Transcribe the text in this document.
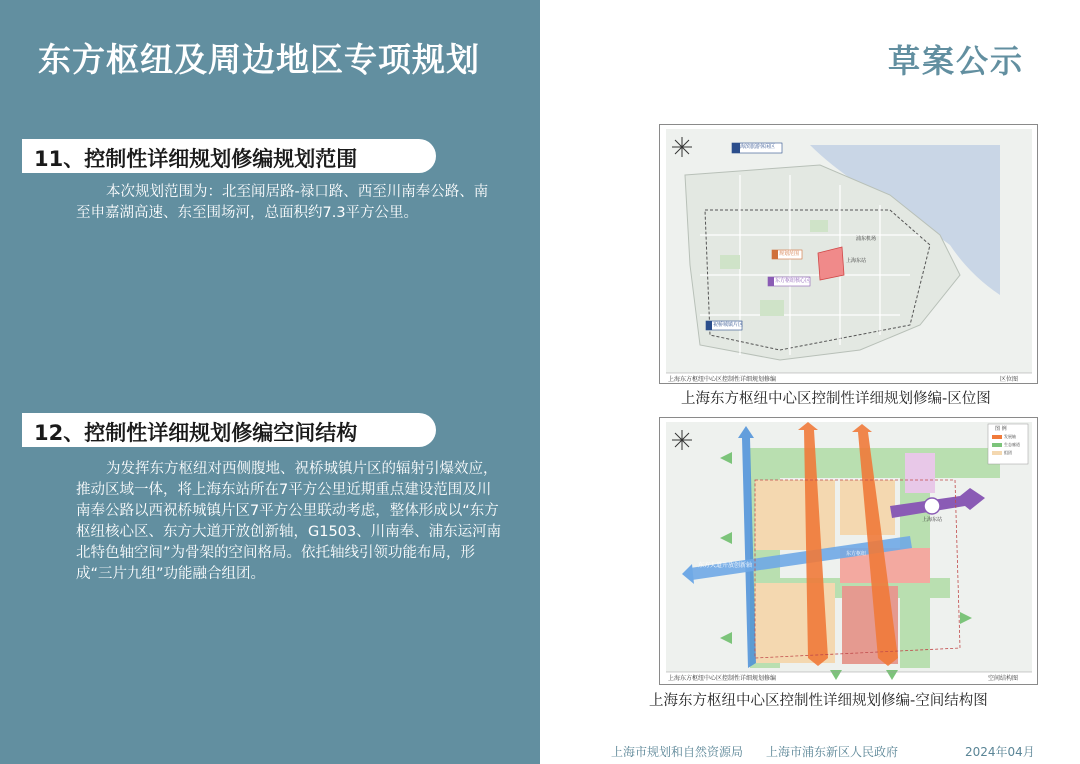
东方枢纽及周边地区专项规划
11、控制性详细规划修编规划范围
本次规划范围为：北至闻居路-禄口路、西至川南奉公路、南至申嘉湖高速、东至围场河，总面积约7.3平方公里。
12、控制性详细规划修编空间结构
为发挥东方枢纽对西侧腹地、祝桥城镇片区的辐射引爆效应，推动区域一体，将上海东站所在7平方公里近期重点建设范围及川南奉公路以西祝桥城镇片区7平方公里联动考虑，整体形成以“东方枢纽核心区、东方大道开放创新轴，G1503、川南奉、浦东运河南北特色轴空间”为骨架的空间格局。依托轴线引领功能布局，形成“三片九组”功能融合组团。
草案公示
海滨旅游休闲区
浦东机场
上海东站
规划范围
东方枢纽核心区
祝桥城镇片区
上海东方枢纽中心区控制性详细规划修编	区位图
上海东方枢纽中心区控制性详细规划修编-区位图
图 例
发展轴
生态廊道
组团
东方大道开放创新轴
东方枢纽
上海东站
上海东方枢纽中心区控制性详细规划修编	空间结构图
上海东方枢纽中心区控制性详细规划修编-空间结构图
上海市规划和自然资源局 上海市浦东新区人民政府	2024年04月
